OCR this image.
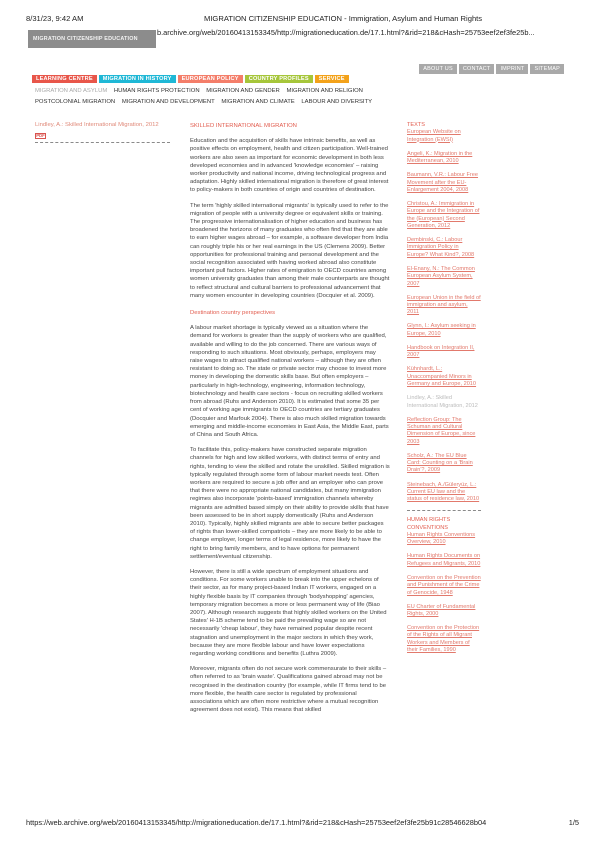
8/31/23, 9:42 AM	MIGRATION CITIZENSHIP EDUCATION - Immigration, Asylum and Human Rights
MIGRATION CITIZENSHIP EDUCATION
b.archive.org/web/20160413153345/http://migrationeducation.de/17.1.html?&rid=218&cHash=25753eef2ef3fe25b...
ABOUT US	CONTACT	IMPRINT	SITEMAP
LEARNING CENTRE	MIGRATION IN HISTORY	EUROPEAN POLICY	COUNTRY PROFILES	SERVICE
MIGRATION AND ASYLUM HUMAN RIGHTS PROTECTION MIGRATION AND GENDER MIGRATION AND RELIGION
POSTCOLONIAL MIGRATION MIGRATION AND DEVELOPMENT MIGRATION AND CLIMATE LABOUR AND DIVERSITY
Lindley, A.: Skilled International Migration, 2012
PDF
SKILLED INTERNATIONAL MIGRATION

Education and the acquisition of skills have intrinsic benefits, as well as positive effects on employment, health and citizen participation. Well-trained workers are also seen as important for economic development in both less developed economies and in advanced 'knowledge economies' – raising worker productivity and national income, driving technological progress and adaptation. Highly skilled international migration is therefore of great interest to policy-makers in both countries of origin and countries of destination.

The term 'highly skilled international migrants' is typically used to refer to the migration of people with a university degree or equivalent skills or training. The progressive internationalisation of higher education and business has broadened the horizons of many graduates who often find that they are able to earn higher wages abroad – for example, a software developer from India can roughly triple his or her real earnings in the US (Clemens 2009). Better opportunities for professional training and personal development and the social recognition associated with having worked abroad also constitute important pull factors. Higher rates of emigration to OECD countries among women university graduates than among their male counterparts are thought to reflect structural and cultural barriers to professional advancement that many women encounter in developing countries (Docquier et al. 2009).

Destination country perspectives

A labour market shortage is typically viewed as a situation where the demand for workers is greater than the supply of workers who are qualified, available and willing to do the job concerned. There are various ways of responding to such situations. Most obviously, perhaps, employers may raise wages to attract qualified national workers – although they are often resistant to doing so. The state or private sector may choose to invest more money in developing the domestic skills base. But often employers – particularly in high-technology, engineering, information technology, biotechnology and health care sectors - focus on recruiting skilled workers from abroad (Ruhs and Anderson 2010). It is estimated that some 35 per cent of working age immigrants to OECD countries are tertiary graduates (Docquier and Marfouk 2004). There is also much skilled migration towards emerging and middle-income economies in East Asia, the Middle East, parts of China and South Africa.

To facilitate this, policy-makers have constructed separate migration channels for high and low skilled workers, with distinct terms of entry and rights, tending to view the skilled and rotate the unskilled. Skilled migration is typically regulated through some form of labour market needs test. Often workers are required to secure a job offer and an employer who can prove that there were no appropriate national candidates, but many immigration regimes also incorporate 'points-based' immigration channels whereby migrants are admitted based simply on their ability to provide skills that have been assessed to be in short supply domestically (Ruhs and Anderson 2010). Typically, highly skilled migrants are able to secure better packages of rights than lower-skilled compatriots – they are more likely to be able to change employer, longer terms of legal residence, more likely to have the right to bring family members, and to have options for permanent settlement/eventual citizenship.

However, there is still a wide spectrum of employment situations and conditions. For some workers unable to break into the upper echelons of their sector, as for many project-based Indian IT workers, engaged on a highly flexible basis by IT companies through 'bodyshopping' agencies, temporary migration becomes a more or less permanent way of life (Biao 2007). Although research suggests that highly skilled workers on the United States' H-1B scheme tend to be paid the prevailing wage so are not necessarily 'cheap labour', they have remained popular despite recent stagnation and unemployment in the major sectors in which they work, because they are more flexible labour and have lower expectations regarding working conditions and benefits (Luthra 2009).

Moreover, migrants often do not secure work commensurate to their skills – often referred to as 'brain waste'. Qualifications gained abroad may not be recognised in the destination country (for example, while IT firms tend to be more flexible, the health care sector is regulated by professional associations which are often more restrictive where a mutual recognition agreement does not exist). This means that skilled

TEXTS
European Website on Integration (EWSI)
Angeli, K.: Migration in the Mediterranean, 2010
Baumann, V.R.: Labour Free Movement after the EU-Enlargement 2004, 2008
Christou, A.: Immigration in Europe and the Integration of the (European) Second Generation, 2012
Dembinski, C.: Labour Immigration Policy in Europe? What Kind?, 2008
El-Enany, N.: The Common European Asylum System, 2007
European Union in the field of immigration and asylum, 2011
Glynn, I.: Asylum seeking in Europe, 2010
Handbook on Integration II, 2007
Kühnhardt, L.: Unaccompanied Minors in Germany and Europe, 2010
Lindley, A.: Skilled International Migration, 2012
Reflection Group: The Schuman and Cultural Dimension of Europe, since 2003
Scholz, A.: The EU Blue Card: Counting on a 'Brain Drain'?, 2009
Steinebach, A./Güleryüz, L.: Current EU law and the status of residence law, 2010
HUMAN RIGHTS CONVENTIONS
Human Rights Conventions Overview, 2010
Human Rights Documents on Refugees and Migrants, 2010
Convention on the Prevention and Punishment of the Crime of Genocide, 1948
EU Charter of Fundamental Rights, 2000
Convention on the Protection of the Rights of all Migrant Workers and Members of their Families, 1990
https://web.archive.org/web/20160413153345/http://migrationeducation.de/17.1.html?&rid=218&cHash=25753eef2ef3fe25b91c28546628b04	1/5
